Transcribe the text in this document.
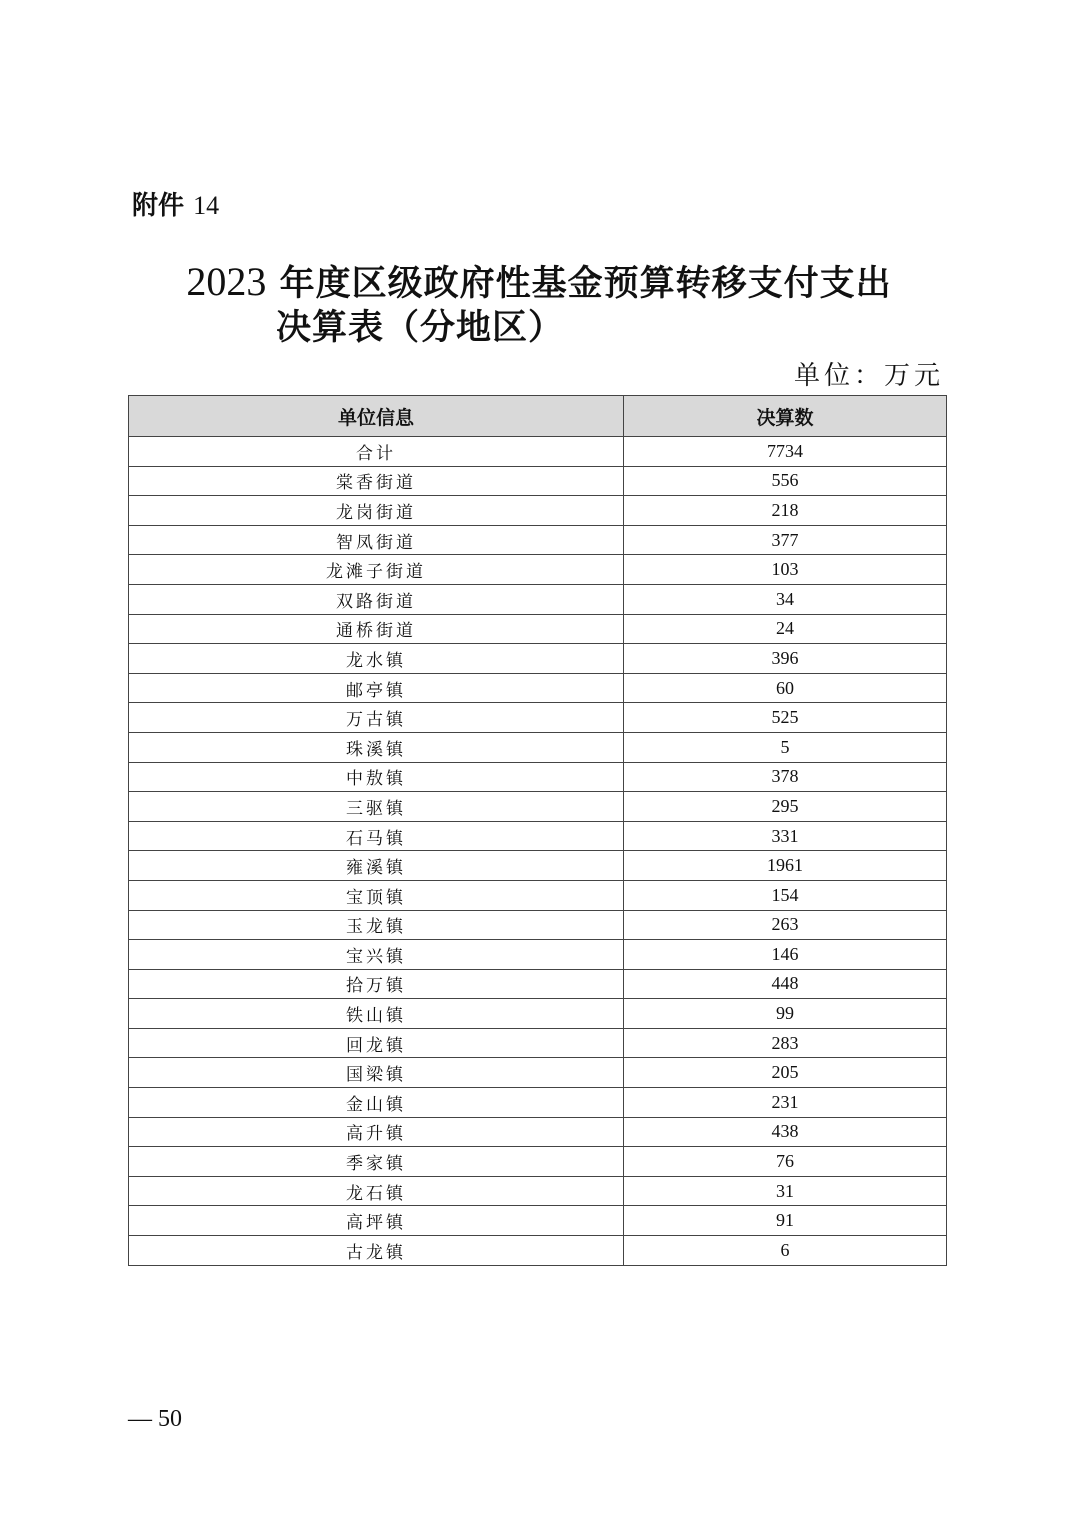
附件 14
2023 年度区级政府性基金预算转移支付支出
决算表（分地区）
单位：万元
单位信息	决算数
合计	7734
棠香街道	556
龙岗街道	218
智凤街道	377
龙滩子街道	103
双路街道	34
通桥街道	24
龙水镇	396
邮亭镇	60
万古镇	525
珠溪镇	5
中敖镇	378
三驱镇	295
石马镇	331
雍溪镇	1961
宝顶镇	154
玉龙镇	263
宝兴镇	146
拾万镇	448
铁山镇	99
回龙镇	283
国梁镇	205
金山镇	231
高升镇	438
季家镇	76
龙石镇	31
高坪镇	91
古龙镇	6
— 50
